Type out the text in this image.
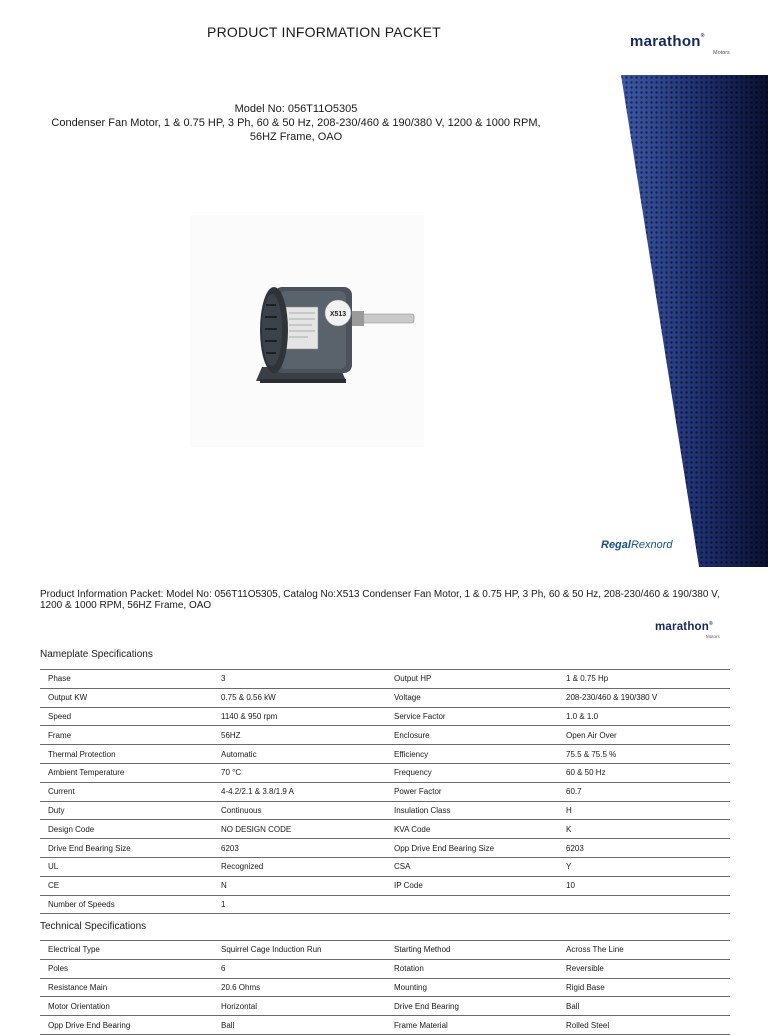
PRODUCT INFORMATION PACKET
marathon®
Motors
Model No: 056T11O5305
Condenser Fan Motor, 1 & 0.75 HP, 3 Ph, 60 & 50 Hz, 208-230/460 & 190/380 V, 1200 & 1000 RPM,
56HZ Frame, OAO
X513
RegalRexnord
Product Information Packet: Model No: 056T11O5305, Catalog No:X513 Condenser Fan Motor, 1 & 0.75 HP, 3 Ph, 60 & 50 Hz, 208-230/460 & 190/380 V,
1200 & 1000 RPM, 56HZ Frame, OAO
marathon®
Motors
Nameplate Specifications
Phase	3	Output HP	1 & 0.75 Hp
Output KW	0.75 & 0.56 kW	Voltage	208-230/460 & 190/380 V
Speed	1140 & 950 rpm	Service Factor	1.0 & 1.0
Frame	56HZ	Enclosure	Open Air Over
Thermal Protection	Automatic	Efficiency	75.5 & 75.5 %
Ambient Temperature	70 °C	Frequency	60 & 50 Hz
Current	4-4.2/2.1 & 3.8/1.9 A	Power Factor	60.7
Duty	Continuous	Insulation Class	H
Design Code	NO DESIGN CODE	KVA Code	K
Drive End Bearing Size	6203	Opp Drive End Bearing Size	6203
UL	Recognized	CSA	Y
CE	N	IP Code	10
Number of Speeds	1		
Technical Specifications
Electrical Type	Squirrel Cage Induction Run	Starting Method	Across The Line
Poles	6	Rotation	Reversible
Resistance Main	20.6 Ohms	Mounting	Rigid Base
Motor Orientation	Horizontal	Drive End Bearing	Ball
Opp Drive End Bearing	Ball	Frame Material	Rolled Steel
